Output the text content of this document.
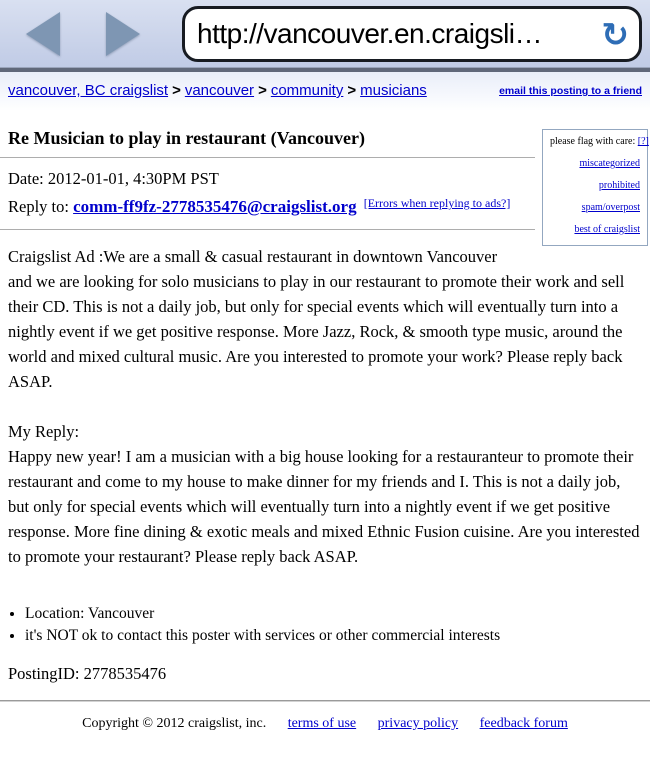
http://vancouver.en.craigsli…	↻
vancouver, BC craigslist > vancouver > community > musicians	email this posting to a friend
please flag with care: [?]
miscategorized
prohibited
spam/overpost
best of craigslist
Re Musician to play in restaurant (Vancouver)
Date: 2012-01-01, 4:30PM PST
Reply to: comm-ff9fz-2778535476@craigslist.org [Errors when replying to ads?]

Craigslist Ad :We are a small & casual restaurant in downtown Vancouver
and we are looking for solo musicians to play in our restaurant to promote their work and sell their CD. This is not a daily job, but only for special events which will eventually turn into a nightly event if we get positive response. More Jazz, Rock, & smooth type music, around the world and mixed cultural music. Are you interested to promote your work? Please reply back ASAP.

My Reply:
Happy new year! I am a musician with a big house looking for a restauranteur to promote their restaurant and come to my house to make dinner for my friends and I. This is not a daily job, but only for special events which will eventually turn into a nightly event if we get positive response. More fine dining & exotic meals and mixed Ethnic Fusion cuisine. Are you interested to promote your restaurant? Please reply back ASAP.

• Location: Vancouver
• it's NOT ok to contact this poster with services or other commercial interests
PostingID: 2778535476

Copyright © 2012 craigslist, inc. terms of use privacy policy feedback forum
